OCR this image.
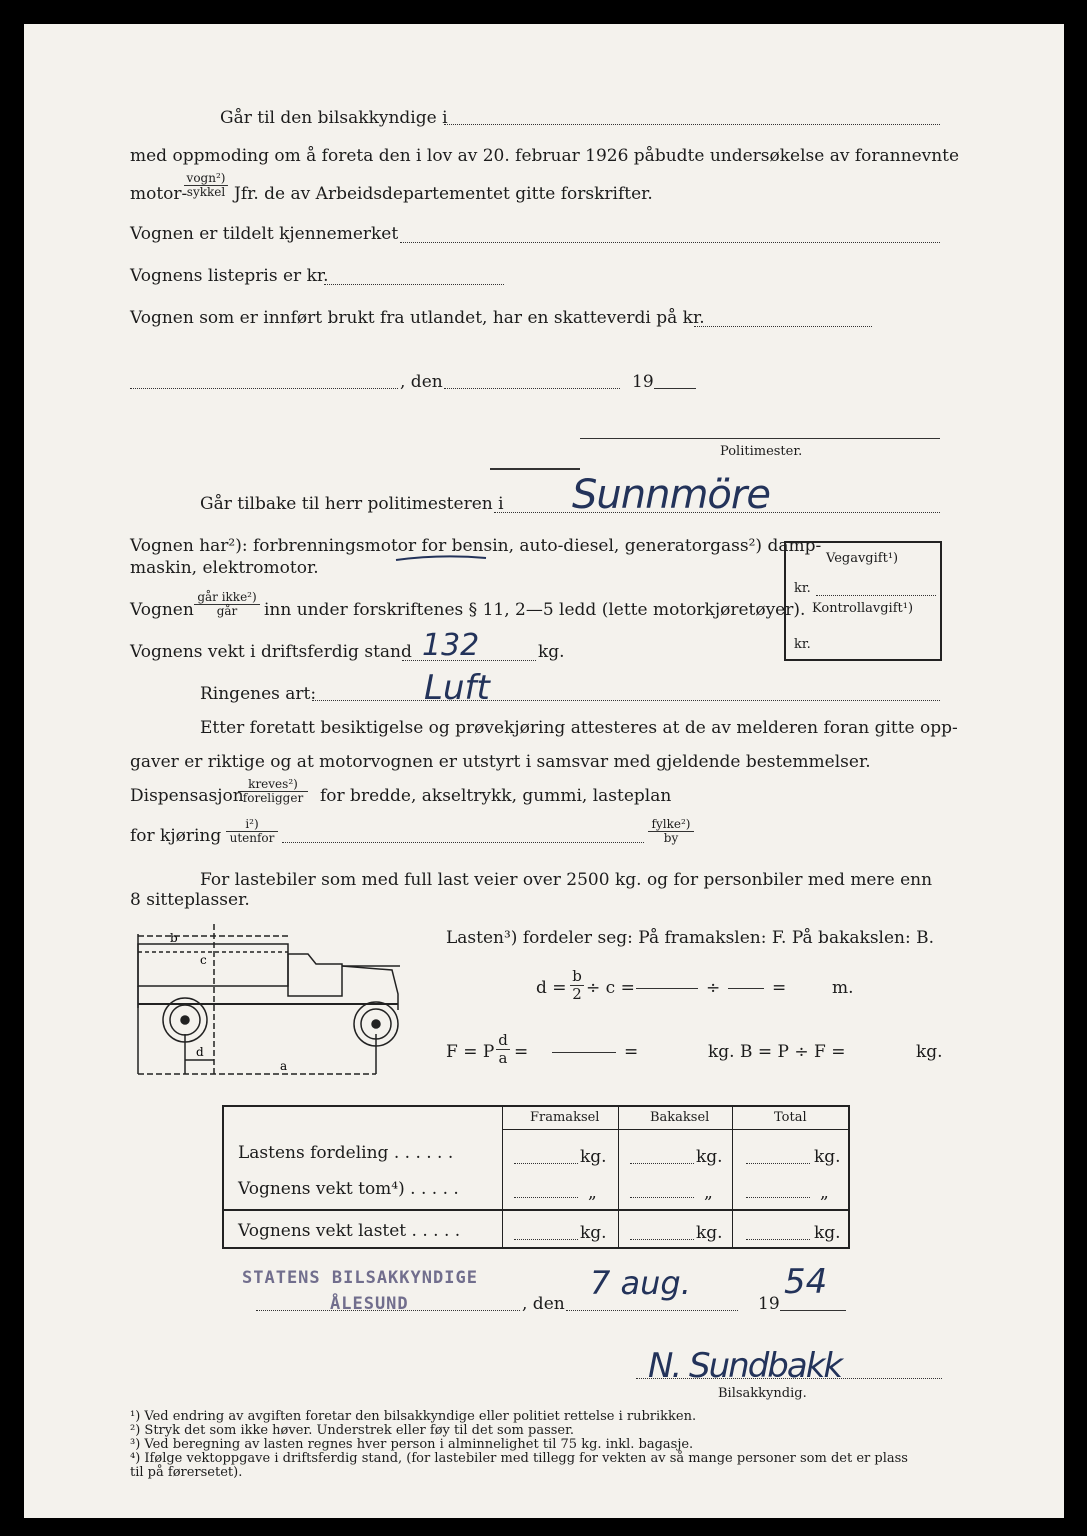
Går til den bilsakkyndige i
med oppmoding om å foreta den i lov av 20. februar 1926 påbudte undersøkelse av forannevnte
motor-
vogn²)
sykkel Jfr. de av Arbeidsdepartementet gitte forskrifter.
Vognen er tildelt kjennemerket
Vognens listepris er kr.
Vognen som er innført brukt fra utlandet, har en skatteverdi på kr.
, den	19
Politimester.
Går tilbake til herr politimesteren i Sunnmöre
Vognen har²): forbrenningsmotor for bensin, auto-diesel, generatorgass²) damp-
maskin, elektromotor.
Vognen
går ikke²)
går	inn under forskriftenes § 11, 2—5 ledd (lette motorkjøretøyer).
Vognens vekt i driftsferdig stand 132	kg.
Ringenes art:	Luft
Etter foretatt besiktigelse og prøvekjøring attesteres at de av melderen foran gitte opp-
gaver er riktige og at motorvognen er utstyrt i samsvar med gjeldende bestemmelser.
Dispensasjon
kreves²)
foreligger for bredde, akseltrykk, gummi, lasteplan
for kjøring
i²)
utenfor
fylke²)
by
For lastebiler som med full last veier over 2500 kg. og for personbiler med mere enn
8 sitteplasser.
Vegavgift¹)
kr.
Kontrollavgift¹)
kr.
b
c
d
a
Lasten³) fordeler seg: På framakslen: F. På bakakslen: B.
$d = \frac{b}{2} \div c$ =	÷	=	m.
F = P $\frac{d}{a}$ =	=	kg. B = P ÷ F =	kg.
Framaksel	Bakaksel	Total
Lastens fordeling . . . . . .	kg.	kg.	kg.
Vognens vekt tom⁴) . . . . .	„	„	„
Vognens vekt lastet . . . . .	kg.	kg.	kg.
STATENS BILSAKKYNDIGE
ÅLESUND	, den
7 aug.
19
54
N. Sundbakk
Bilsakkyndig.
¹) Ved endring av avgiften foretar den bilsakkyndige eller politiet rettelse i rubrikken.
²) Stryk det som ikke høver. Understrek eller føy til det som passer.
³) Ved beregning av lasten regnes hver person i alminnelighet til 75 kg. inkl. bagasje.
⁴) Ifølge vektoppgave i driftsferdig stand, (for lastebiler med tillegg for vekten av så mange personer som det er plass
til på førersetet).
